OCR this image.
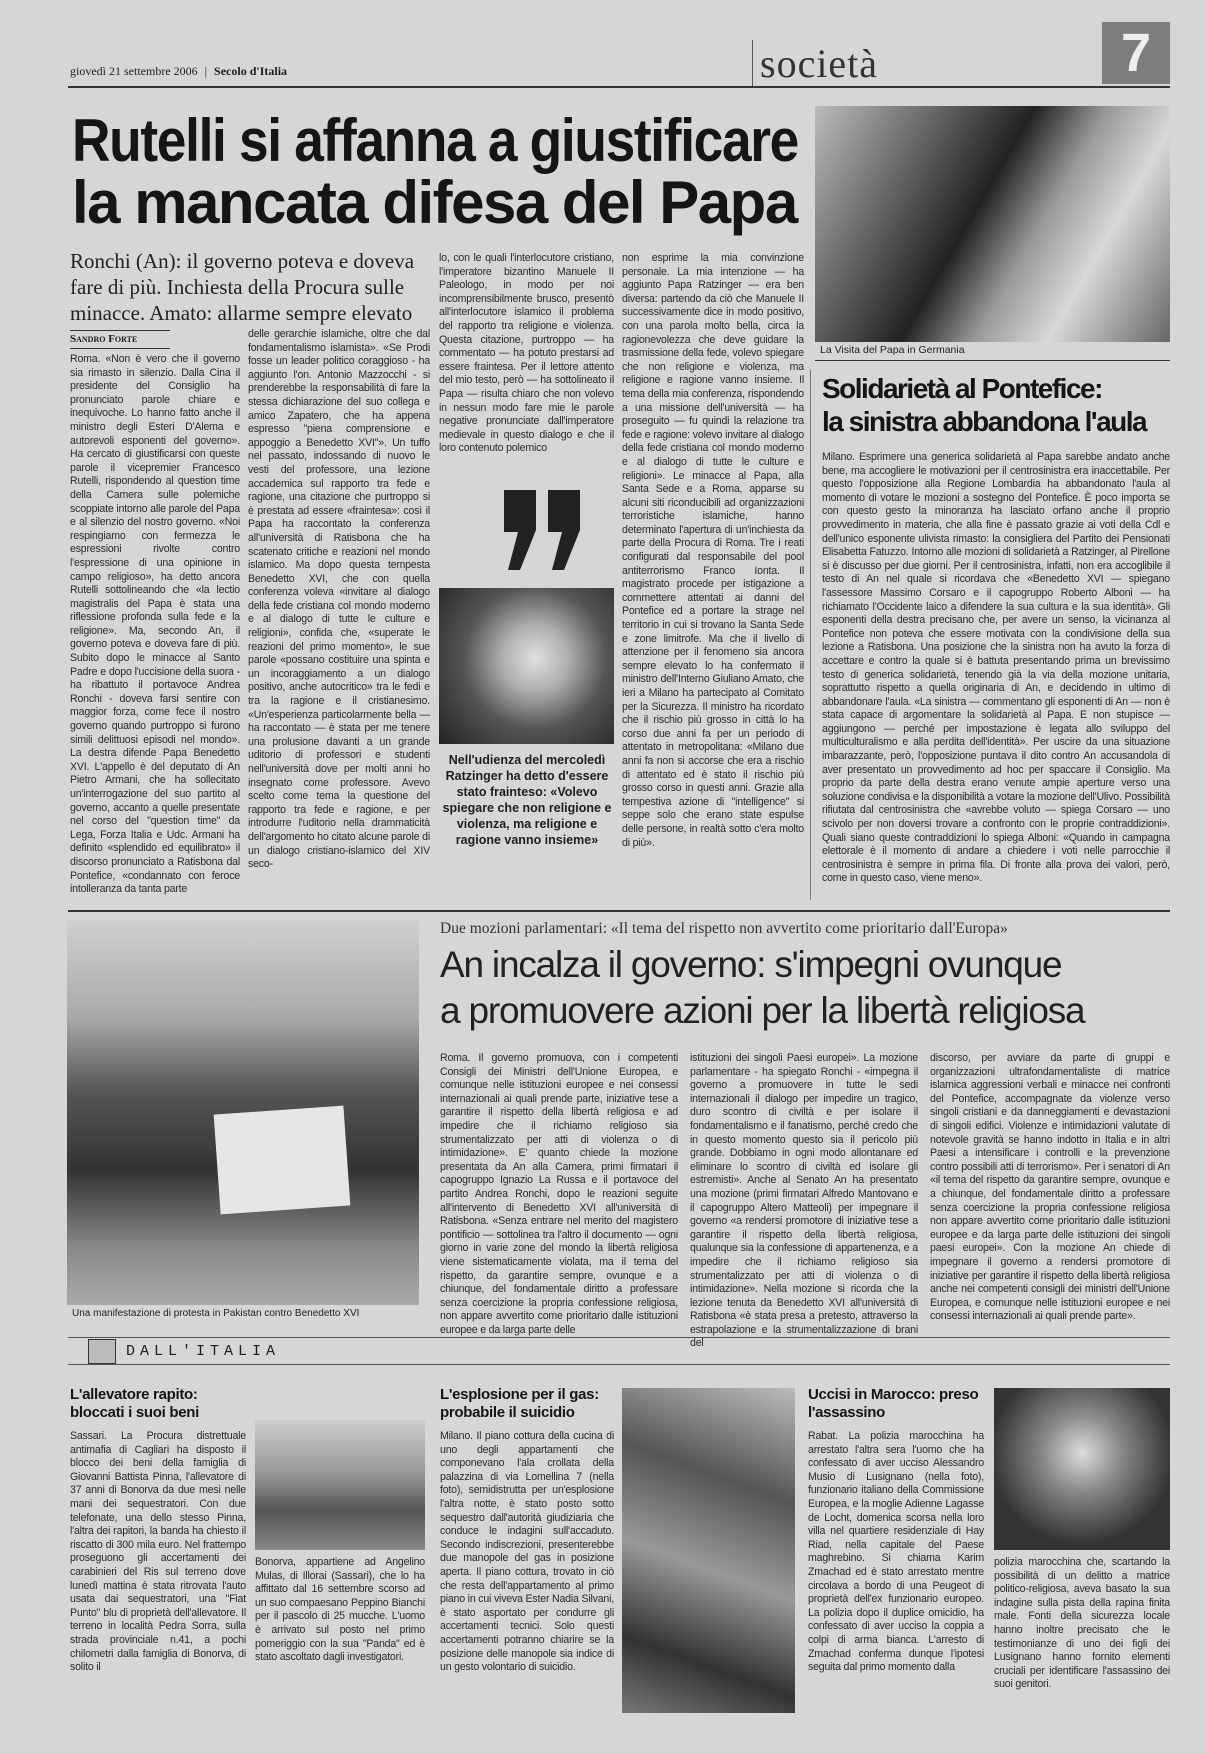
giovedì 21 settembre 2006 | Secolo d'Italia	società	7
Rutelli si affanna a giustificare
la mancata difesa del Papa
Ronchi (An): il governo poteva e doveva fare di più. Inchiesta della Procura sulle minacce. Amato: allarme sempre elevato
Sandro Forte
Roma. «Non è vero che il governo sia rimasto in silenzio. Dalla Cina il presidente del Consiglio ha pronunciato parole chiare e inequivoche. Lo hanno fatto anche il ministro degli Esteri D'Alema e autorevoli esponenti del governo». Ha cercato di giustificarsi con queste parole il vicepremier Francesco Rutelli, rispondendo al question time della Camera sulle polemiche scoppiate intorno alle parole del Papa e al silenzio del nostro governo. «Noi respingiamo con fermezza le espressioni rivolte contro l'espressione di una opinione in campo religioso», ha detto ancora Rutelli sottolineando che «la lectio magistralis del Papa è stata una riflessione profonda sulla fede e la religione». Ma, secondo An, il governo poteva e doveva fare di più. Subito dopo le minacce al Santo Padre e dopo l'uccisione della suora - ha ribattuto il portavoce Andrea Ronchi - doveva farsi sentire con maggior forza, come fece il nostro governo quando purtroppo si furono simili delittuosi episodi nel mondo». La destra difende Papa Benedetto XVI. L'appello è del deputato di An Pietro Armani, che ha sollecitato un'interrogazione del suo partito al governo, accanto a quelle presentate nel corso del "question time" da Lega, Forza Italia e Udc. Armani ha definito «splendido ed equilibrato» il discorso pronunciato a Ratisbona dal Pontefice, «condannato con feroce intolleranza da tanta parte
delle gerarchie islamiche, oltre che dal fondamentalismo islamista». «Se Prodi fosse un leader politico coraggioso - ha aggiunto l'on. Antonio Mazzocchi - si prenderebbe la responsabilità di fare la stessa dichiarazione del suo collega e amico Zapatero, che ha appena espresso "piena comprensione e appoggio a Benedetto XVI"». Un tuffo nel passato, indossando di nuovo le vesti del professore, una lezione accademica sul rapporto tra fede e ragione, una citazione che purtroppo si è prestata ad essere «fraintesa»: così il Papa ha raccontato la conferenza all'università di Ratisbona che ha scatenato critiche e reazioni nel mondo islamico. Ma dopo questa tempesta Benedetto XVI, che con quella conferenza voleva «invitare al dialogo della fede cristiana col mondo moderno e al dialogo di tutte le culture e religioni», confida che, «superate le reazioni del primo momento», le sue parole «possano costituire una spinta e un incoraggiamento a un dialogo positivo, anche autocritico» tra le fedi e tra la ragione e il cristianesimo. «Un'esperienza particolarmente bella — ha raccontato — è stata per me tenere una prolusione davanti a un grande uditorio di professori e studenti nell'università dove per molti anni ho insegnato come professore. Avevo scelto come tema la questione del rapporto tra fede e ragione, e per introdurre l'uditorio nella drammaticità dell'argomento ho citato alcune parole di un dialogo cristiano-islamico del XIV seco-
lo, con le quali l'interlocutore cristiano, l'imperatore bizantino Manuele II Paleologo, in modo per noi incomprensibilmente brusco, presentò all'interlocutore islamico il problema del rapporto tra religione e violenza. Questa citazione, purtroppo — ha commentato — ha potuto prestarsi ad essere fraintesa. Per il lettore attento del mio testo, però — ha sottolineato il Papa — risulta chiaro che non volevo in nessun modo fare mie le parole negative pronunciate dall'imperatore medievale in questo dialogo e che il loro contenuto polemico
non esprime la mia convinzione personale. La mia intenzione — ha aggiunto Papa Ratzinger — era ben diversa: partendo da ciò che Manuele II successivamente dice in modo positivo, con una parola molto bella, circa la ragionevolezza che deve guidare la trasmissione della fede, volevo spiegare che non religione e violenza, ma religione e ragione vanno insieme. Il tema della mia conferenza, rispondendo a una missione dell'università — ha proseguito — fu quindi la relazione tra fede e ragione: volevo invitare al dialogo della fede cristiana col mondo moderno e al dialogo di tutte le culture e religioni». Le minacce al Papa, alla Santa Sede e a Roma, apparse su alcuni siti riconducibili ad organizzazioni terroristiche islamiche, hanno determinato l'apertura di un'inchiesta da parte della Procura di Roma. Tre i reati configurati dal responsabile del pool antiterrorismo Franco Ionta. Il magistrato procede per istigazione a commettere attentati ai danni del Pontefice ed a portare la strage nel territorio in cui si trovano la Santa Sede e zone limitrofe. Ma che il livello di attenzione per il fenomeno sia ancora sempre elevato lo ha confermato il ministro dell'Interno Giuliano Amato, che ieri a Milano ha partecipato al Comitato per la Sicurezza. Il ministro ha ricordato che il rischio più grosso in città lo ha corso due anni fa per un periodo di attentato in metropolitana: «Milano due anni fa non si accorse che era a rischio di attentato ed è stato il rischio più grosso corso in questi anni. Grazie alla tempestiva azione di "intelligence" si seppe solo che erano state espulse delle persone, in realtà sotto c'era molto di più».
Nell'udienza del mercoledì Ratzinger ha detto d'essere stato frainteso: «Volevo spiegare che non religione e violenza, ma religione e ragione vanno insieme»
La Visita del Papa in Germania
Solidarietà al Pontefice:
la sinistra abbandona l'aula
Milano. Esprimere una generica solidarietà al Papa sarebbe andato anche bene, ma accogliere le motivazioni per il centrosinistra era inaccettabile. Per questo l'opposizione alla Regione Lombardia ha abbandonato l'aula al momento di votare le mozioni a sostegno del Pontefice. È poco importa se con questo gesto la minoranza ha lasciato orfano anche il proprio provvedimento in materia, che alla fine è passato grazie ai voti della Cdl e dell'unico esponente ulivista rimasto: la consigliera del Partito dei Pensionati Elisabetta Fatuzzo. Intorno alle mozioni di solidarietà a Ratzinger, al Pirellone si è discusso per due giorni. Per il centrosinistra, infatti, non era accoglibile il testo di An nel quale si ricordava che «Benedetto XVI — spiegano l'assessore Massimo Corsaro e il capogruppo Roberto Alboni — ha richiamato l'Occidente laico a difendere la sua cultura e la sua identità». Gli esponenti della destra precisano che, per avere un senso, la vicinanza al Pontefice non poteva che essere motivata con la condivisione della sua lezione a Ratisbona. Una posizione che la sinistra non ha avuto la forza di accettare e contro la quale si è battuta presentando prima un brevissimo testo di generica solidarietà, tenendo già la via della mozione unitaria, soprattutto rispetto a quella originaria di An, e decidendo in ultimo di abbandonare l'aula. «La sinistra — commentano gli esponenti di An — non è stata capace di argomentare la solidarietà al Papa. E non stupisce — aggiungono — perché per impostazione è legata allo sviluppo del multiculturalismo e alla perdita dell'identità». Per uscire da una situazione imbarazzante, però, l'opposizione puntava il dito contro An accusandola di aver presentato un provvedimento ad hoc per spaccare il Consiglio. Ma proprio da parte della destra erano venute ampie aperture verso una soluzione condivisa e la disponibilità a votare la mozione dell'Ulivo. Possibilità rifiutata dal centrosinistra che «avrebbe voluto — spiega Corsaro — uno scivolo per non doversi trovare a confronto con le proprie contraddizioni». Quali siano queste contraddizioni lo spiega Alboni: «Quando in campagna elettorale è il momento di andare a chiedere i voti nelle parrocchie il centrosinistra è sempre in prima fila. Di fronte alla prova dei valori, però, come in questo caso, viene meno».
Una manifestazione di protesta in Pakistan contro Benedetto XVI
Due mozioni parlamentari: «Il tema del rispetto non avvertito come prioritario dall'Europa»
An incalza il governo: s'impegni ovunque
a promuovere azioni per la libertà religiosa
Roma. Il governo promuova, con i competenti Consigli dei Ministri dell'Unione Europea, e comunque nelle istituzioni europee e nei consessi internazionali ai quali prende parte, iniziative tese a garantire il rispetto della libertà religiosa e ad impedire che il richiamo religioso sia strumentalizzato per atti di violenza o di intimidazione». E' quanto chiede la mozione presentata da An alla Camera, primi firmatari il capogruppo Ignazio La Russa e il portavoce del partito Andrea Ronchi, dopo le reazioni seguite all'intervento di Benedetto XVI all'università di Ratisbona. «Senza entrare nel merito del magistero pontificio — sottolinea tra l'altro il documento — ogni giorno in varie zone del mondo la libertà religiosa viene sistematicamente violata, ma il tema del rispetto, da garantire sempre, ovunque e a chiunque, del fondamentale diritto a professare senza coercizione la propria confessione religiosa, non appare avvertito come prioritario dalle istituzioni europee e da larga parte delle
istituzioni dei singoli Paesi europei». La mozione parlamentare - ha spiegato Ronchi - «impegna il governo a promuovere in tutte le sedi internazionali il dialogo per impedire un tragico, duro scontro di civiltà e per isolare il fondamentalismo e il fanatismo, perché credo che in questo momento questo sia il pericolo più grande. Dobbiamo in ogni modo allontanare ed eliminare lo scontro di civiltà ed isolare gli estremisti». Anche al Senato An ha presentato una mozione (primi firmatari Alfredo Mantovano e il capogruppo Altero Matteoli) per impegnare il governo «a rendersi promotore di iniziative tese a garantire il rispetto della libertà religiosa, qualunque sia la confessione di appartenenza, e a impedire che il richiamo religioso sia strumentalizzato per atti di violenza o di intimidazione». Nella mozione si ricorda che la lezione tenuta da Benedetto XVI all'università di Ratisbona «è stata presa a pretesto, attraverso la estrapolazione e la strumentalizzazione di brani del
discorso, per avviare da parte di gruppi e organizzazioni ultrafondamentaliste di matrice islamica aggressioni verbali e minacce nei confronti del Pontefice, accompagnate da violenze verso singoli cristiani e da danneggiamenti e devastazioni di singoli edifici. Violenze e intimidazioni valutate di notevole gravità se hanno indotto in Italia e in altri Paesi a intensificare i controlli e la prevenzione contro possibili atti di terrorismo». Per i senatori di An «il tema del rispetto da garantire sempre, ovunque e a chiunque, del fondamentale diritto a professare senza coercizione la propria confessione religiosa non appare avvertito come prioritario dalle istituzioni europee e da larga parte delle istituzioni dei singoli paesi europei». Con la mozione An chiede di impegnare il governo a rendersi promotore di iniziative per garantire il rispetto della libertà religiosa anche nei competenti consigli dei ministri dell'Unione Europea, e comunque nelle istituzioni europee e nei consessi internazionali ai quali prende parte».
DALL'ITALIA
L'allevatore rapito: bloccati i suoi beni
Sassari. La Procura distrettuale antimafia di Cagliari ha disposto il blocco dei beni della famiglia di Giovanni Battista Pinna, l'allevatore di 37 anni di Bonorva da due mesi nelle mani dei sequestratori. Con due telefonate, una dello stesso Pinna, l'altra dei rapitori, la banda ha chiesto il riscatto di 300 mila euro. Nel frattempo proseguono gli accertamenti dei carabinieri del Ris sul terreno dove lunedì mattina è stata ritrovata l'auto usata dai sequestratori, una "Fiat Punto" blu di proprietà dell'allevatore. Il terreno in località Pedra Sorra, sulla strada provinciale n.41, a pochi chilometri dalla famiglia di Bonorva, di solito il
Bonorva, appartiene ad Angelino Mulas, di Illorai (Sassari), che lo ha affittato dal 16 settembre scorso ad un suo compaesano Peppino Bianchi per il pascolo di 25 mucche. L'uomo è arrivato sul posto nel primo pomeriggio con la sua "Panda" ed è stato ascoltato dagli investigatori.
L'esplosione per il gas: probabile il suicidio
Milano. Il piano cottura della cucina di uno degli appartamenti che componevano l'ala crollata della palazzina di via Lomellina 7 (nella foto), semidistrutta per un'esplosione l'altra notte, è stato posto sotto sequestro dall'autorità giudiziaria che conduce le indagini sull'accaduto. Secondo indiscrezioni, presenterebbe due manopole del gas in posizione aperta. Il piano cottura, trovato in ciò che resta dell'appartamento al primo piano in cui viveva Ester Nadia Silvani, è stato asportato per condurre gli accertamenti tecnici. Solo questi accertamenti potranno chiarire se la posizione delle manopole sia indice di un gesto volontario di suicidio.
Uccisi in Marocco: preso l'assassino
Rabat. La polizia marocchina ha arrestato l'altra sera l'uomo che ha confessato di aver ucciso Alessandro Musio di Lusignano (nella foto), funzionario italiano della Commissione Europea, e la moglie Adienne Lagasse de Locht, domenica scorsa nella loro villa nel quartiere residenziale di Hay Riad, nella capitale del Paese maghrebino. Si chiama Karim Zmachad ed è stato arrestato mentre circolava a bordo di una Peugeot di proprietà dell'ex funzionario europeo. La polizia dopo il duplice omicidio, ha confessato di aver ucciso la coppia a colpi di arma bianca. L'arresto di Zmachad conferma dunque l'ipotesi seguita dal primo momento dalla
polizia marocchina che, scartando la possibilità di un delitto a matrice politico-religiosa, aveva basato la sua indagine sulla pista della rapina finita male. Fonti della sicurezza locale hanno inoltre precisato che le testimonianze di uno dei figli dei Lusignano hanno fornito elementi cruciali per identificare l'assassino dei suoi genitori.
